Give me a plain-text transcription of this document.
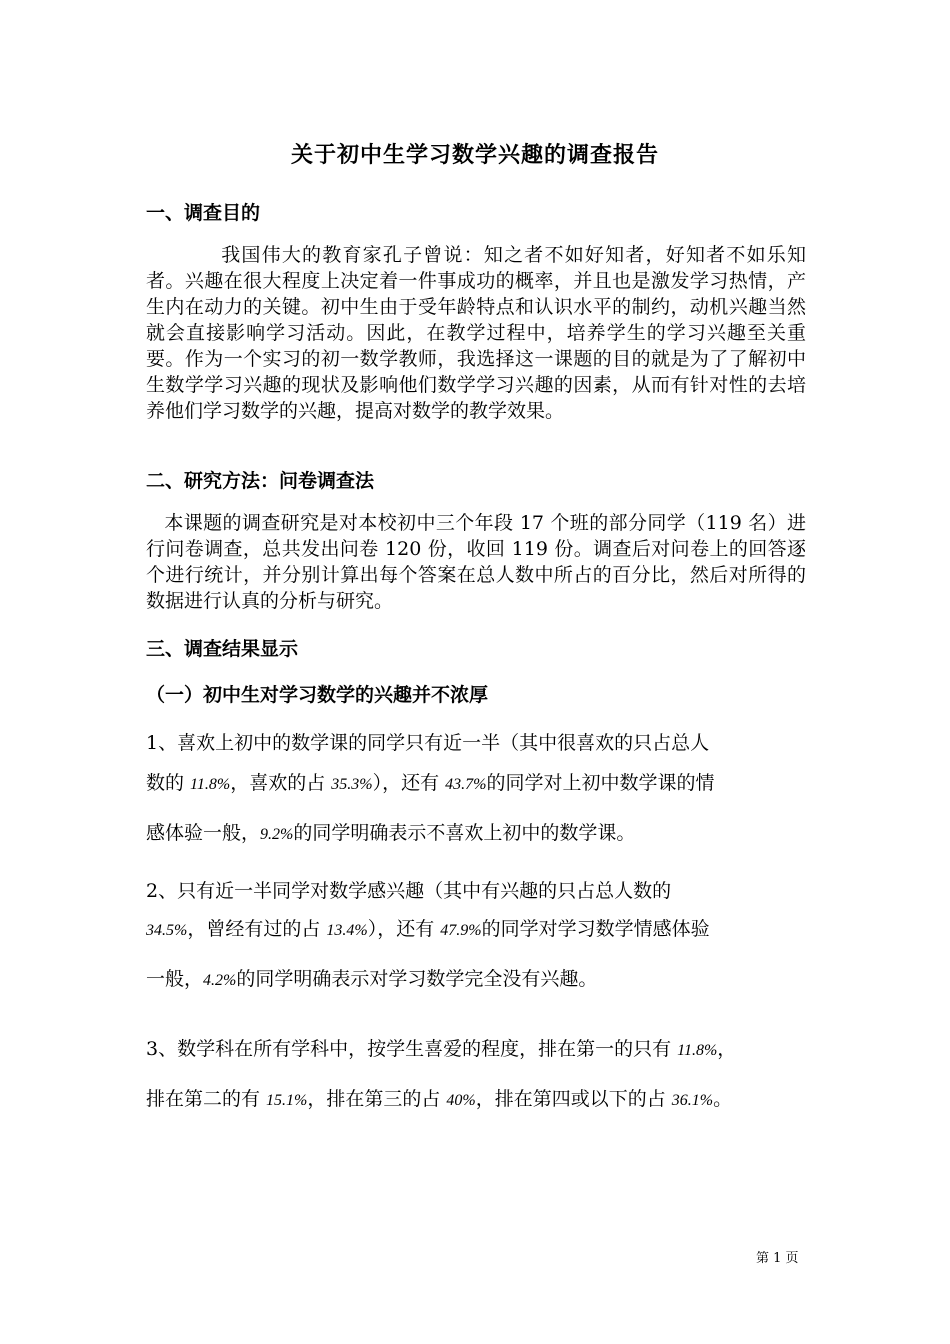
关于初中生学习数学兴趣的调查报告
一、调查目的
我国伟大的教育家孔子曾说：知之者不如好知者，好知者不如乐知者。兴趣在很大程度上决定着一件事成功的概率，并且也是激发学习热情，产生内在动力的关键。初中生由于受年龄特点和认识水平的制约，动机兴趣当然就会直接影响学习活动。因此，在教学过程中，培养学生的学习兴趣至关重要。作为一个实习的初一数学教师，我选择这一课题的目的就是为了了解初中生数学学习兴趣的现状及影响他们数学学习兴趣的因素，从而有针对性的去培养他们学习数学的兴趣，提高对数学的教学效果。
二、研究方法：问卷调查法
本课题的调查研究是对本校初中三个年段 17 个班的部分同学（119 名）进行问卷调查，总共发出问卷 120 份，收回 119 份。调查后对问卷上的回答逐个进行统计，并分别计算出每个答案在总人数中所占的百分比，然后对所得的数据进行认真的分析与研究。
三、调查结果显示
（一）初中生对学习数学的兴趣并不浓厚
1、喜欢上初中的数学课的同学只有近一半（其中很喜欢的只占总人
数的 11.8%，喜欢的占 35.3%），还有 43.7%的同学对上初中数学课的情
感体验一般，9.2%的同学明确表示不喜欢上初中的数学课。
2、只有近一半同学对数学感兴趣（其中有兴趣的只占总人数的
34.5%，曾经有过的占 13.4%），还有 47.9%的同学对学习数学情感体验
一般，4.2%的同学明确表示对学习数学完全没有兴趣。
3、数学科在所有学科中，按学生喜爱的程度，排在第一的只有 11.8%，
排在第二的有 15.1%，排在第三的占 40%，排在第四或以下的占 36.1%。
第 1 页
